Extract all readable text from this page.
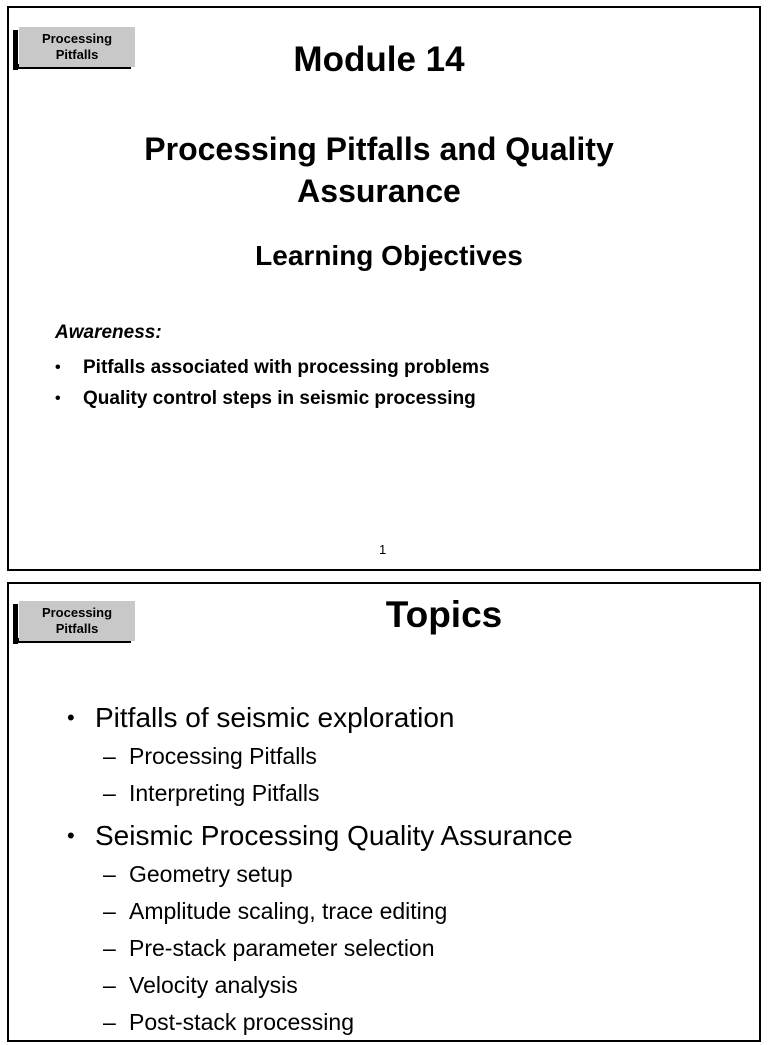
Processing
Pitfalls	Module 14
Processing Pitfalls and Quality Assurance
Learning Objectives
Awareness:
• Pitfalls associated with processing problems
• Quality control steps in seismic processing
1
Processing
Pitfalls	Topics
• Pitfalls of seismic exploration
– Processing Pitfalls
– Interpreting Pitfalls
• Seismic Processing Quality Assurance
– Geometry setup
– Amplitude scaling, trace editing
– Pre-stack parameter selection
– Velocity analysis
– Post-stack processing
